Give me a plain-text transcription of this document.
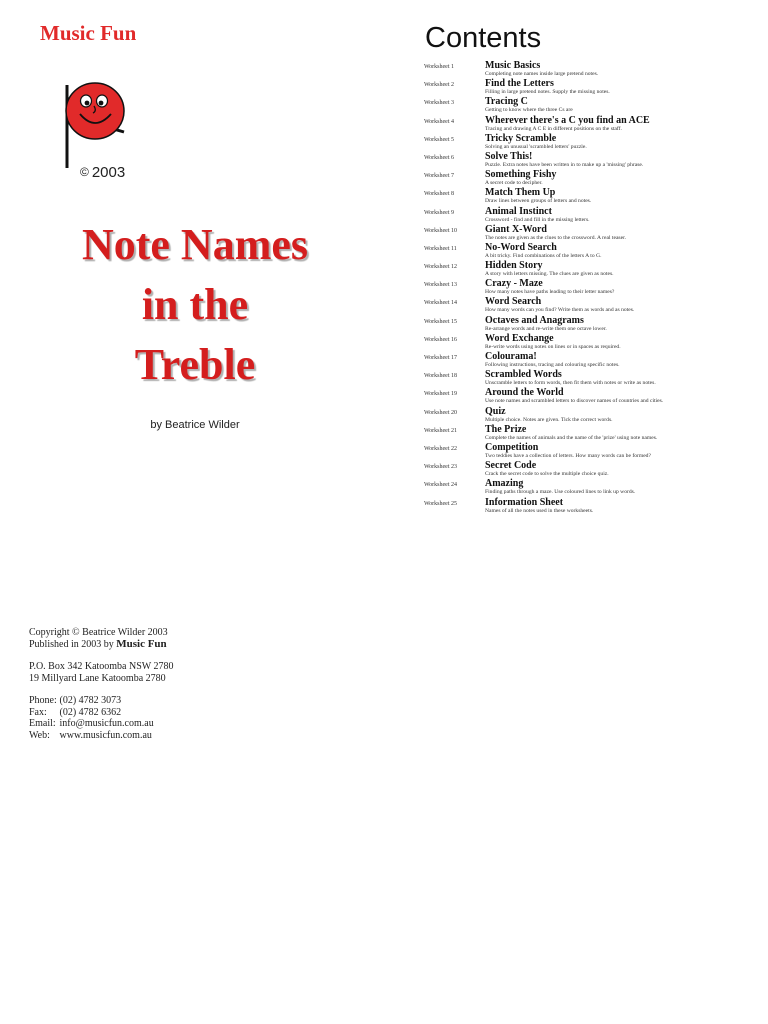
Music Fun
© 2003
Note Names
in the
Treble
by Beatrice Wilder
Copyright © Beatrice Wilder 2003
Published in 2003 by Music Fun
P.O. Box 342 Katoomba NSW 2780
19 Millyard Lane Katoomba 2780
Phone: (02) 4782 3073
Fax: (02) 4782 6362
Email: info@musicfun.com.au
Web: www.musicfun.com.au
Contents
Worksheet 1	Music Basics
Completing note names inside large pretend notes.
Worksheet 2	Find the Letters
Filling in large pretend notes. Supply the missing notes.
Worksheet 3	Tracing C
Getting to know where the three Cs are
Worksheet 4	Wherever there's a C you find an ACE
Tracing and drawing A C E in different positions on the staff.
Worksheet 5	Tricky Scramble
Solving an unusual 'scrambled letters' puzzle.
Worksheet 6	Solve This!
Puzzle. Extra notes have been written in to make up a 'missing' phrase.
Worksheet 7	Something Fishy
A secret code to decipher.
Worksheet 8	Match Them Up
Draw lines between groups of letters and notes.
Worksheet 9	Animal Instinct
Crossword - find and fill in the missing letters.
Worksheet 10	Giant X-Word
The notes are given as the clues to the crossword. A real teaser.
Worksheet 11	No-Word Search
A bit tricky. Find combinations of the letters A to G.
Worksheet 12	Hidden Story
A story with letters missing. The clues are given as notes.
Worksheet 13	Crazy - Maze
How many notes have paths leading to their letter names?
Worksheet 14	Word Search
How many words can you find? Write them as words and as notes.
Worksheet 15	Octaves and Anagrams
Re-arrange words and re-write them one octave lower.
Worksheet 16	Word Exchange
Re-write words using notes on lines or in spaces as required.
Worksheet 17	Colourama!
Following instructions, tracing and colouring specific notes.
Worksheet 18	Scrambled Words
Unscramble letters to form words, then fit them with notes or write as notes.
Worksheet 19	Around the World
Use note names and scrambled letters to discover names of countries and cities.
Worksheet 20	Quiz
Multiple choice. Notes are given. Tick the correct words.
Worksheet 21	The Prize
Complete the names of animals and the name of the 'prize' using note names.
Worksheet 22	Competition
Two teddies have a collection of letters. How many words can be formed?
Worksheet 23	Secret Code
Crack the secret code to solve the multiple choice quiz.
Worksheet 24	Amazing
Finding paths through a maze. Use coloured lines to link up words.
Worksheet 25	Information Sheet
Names of all the notes used in these worksheets.
